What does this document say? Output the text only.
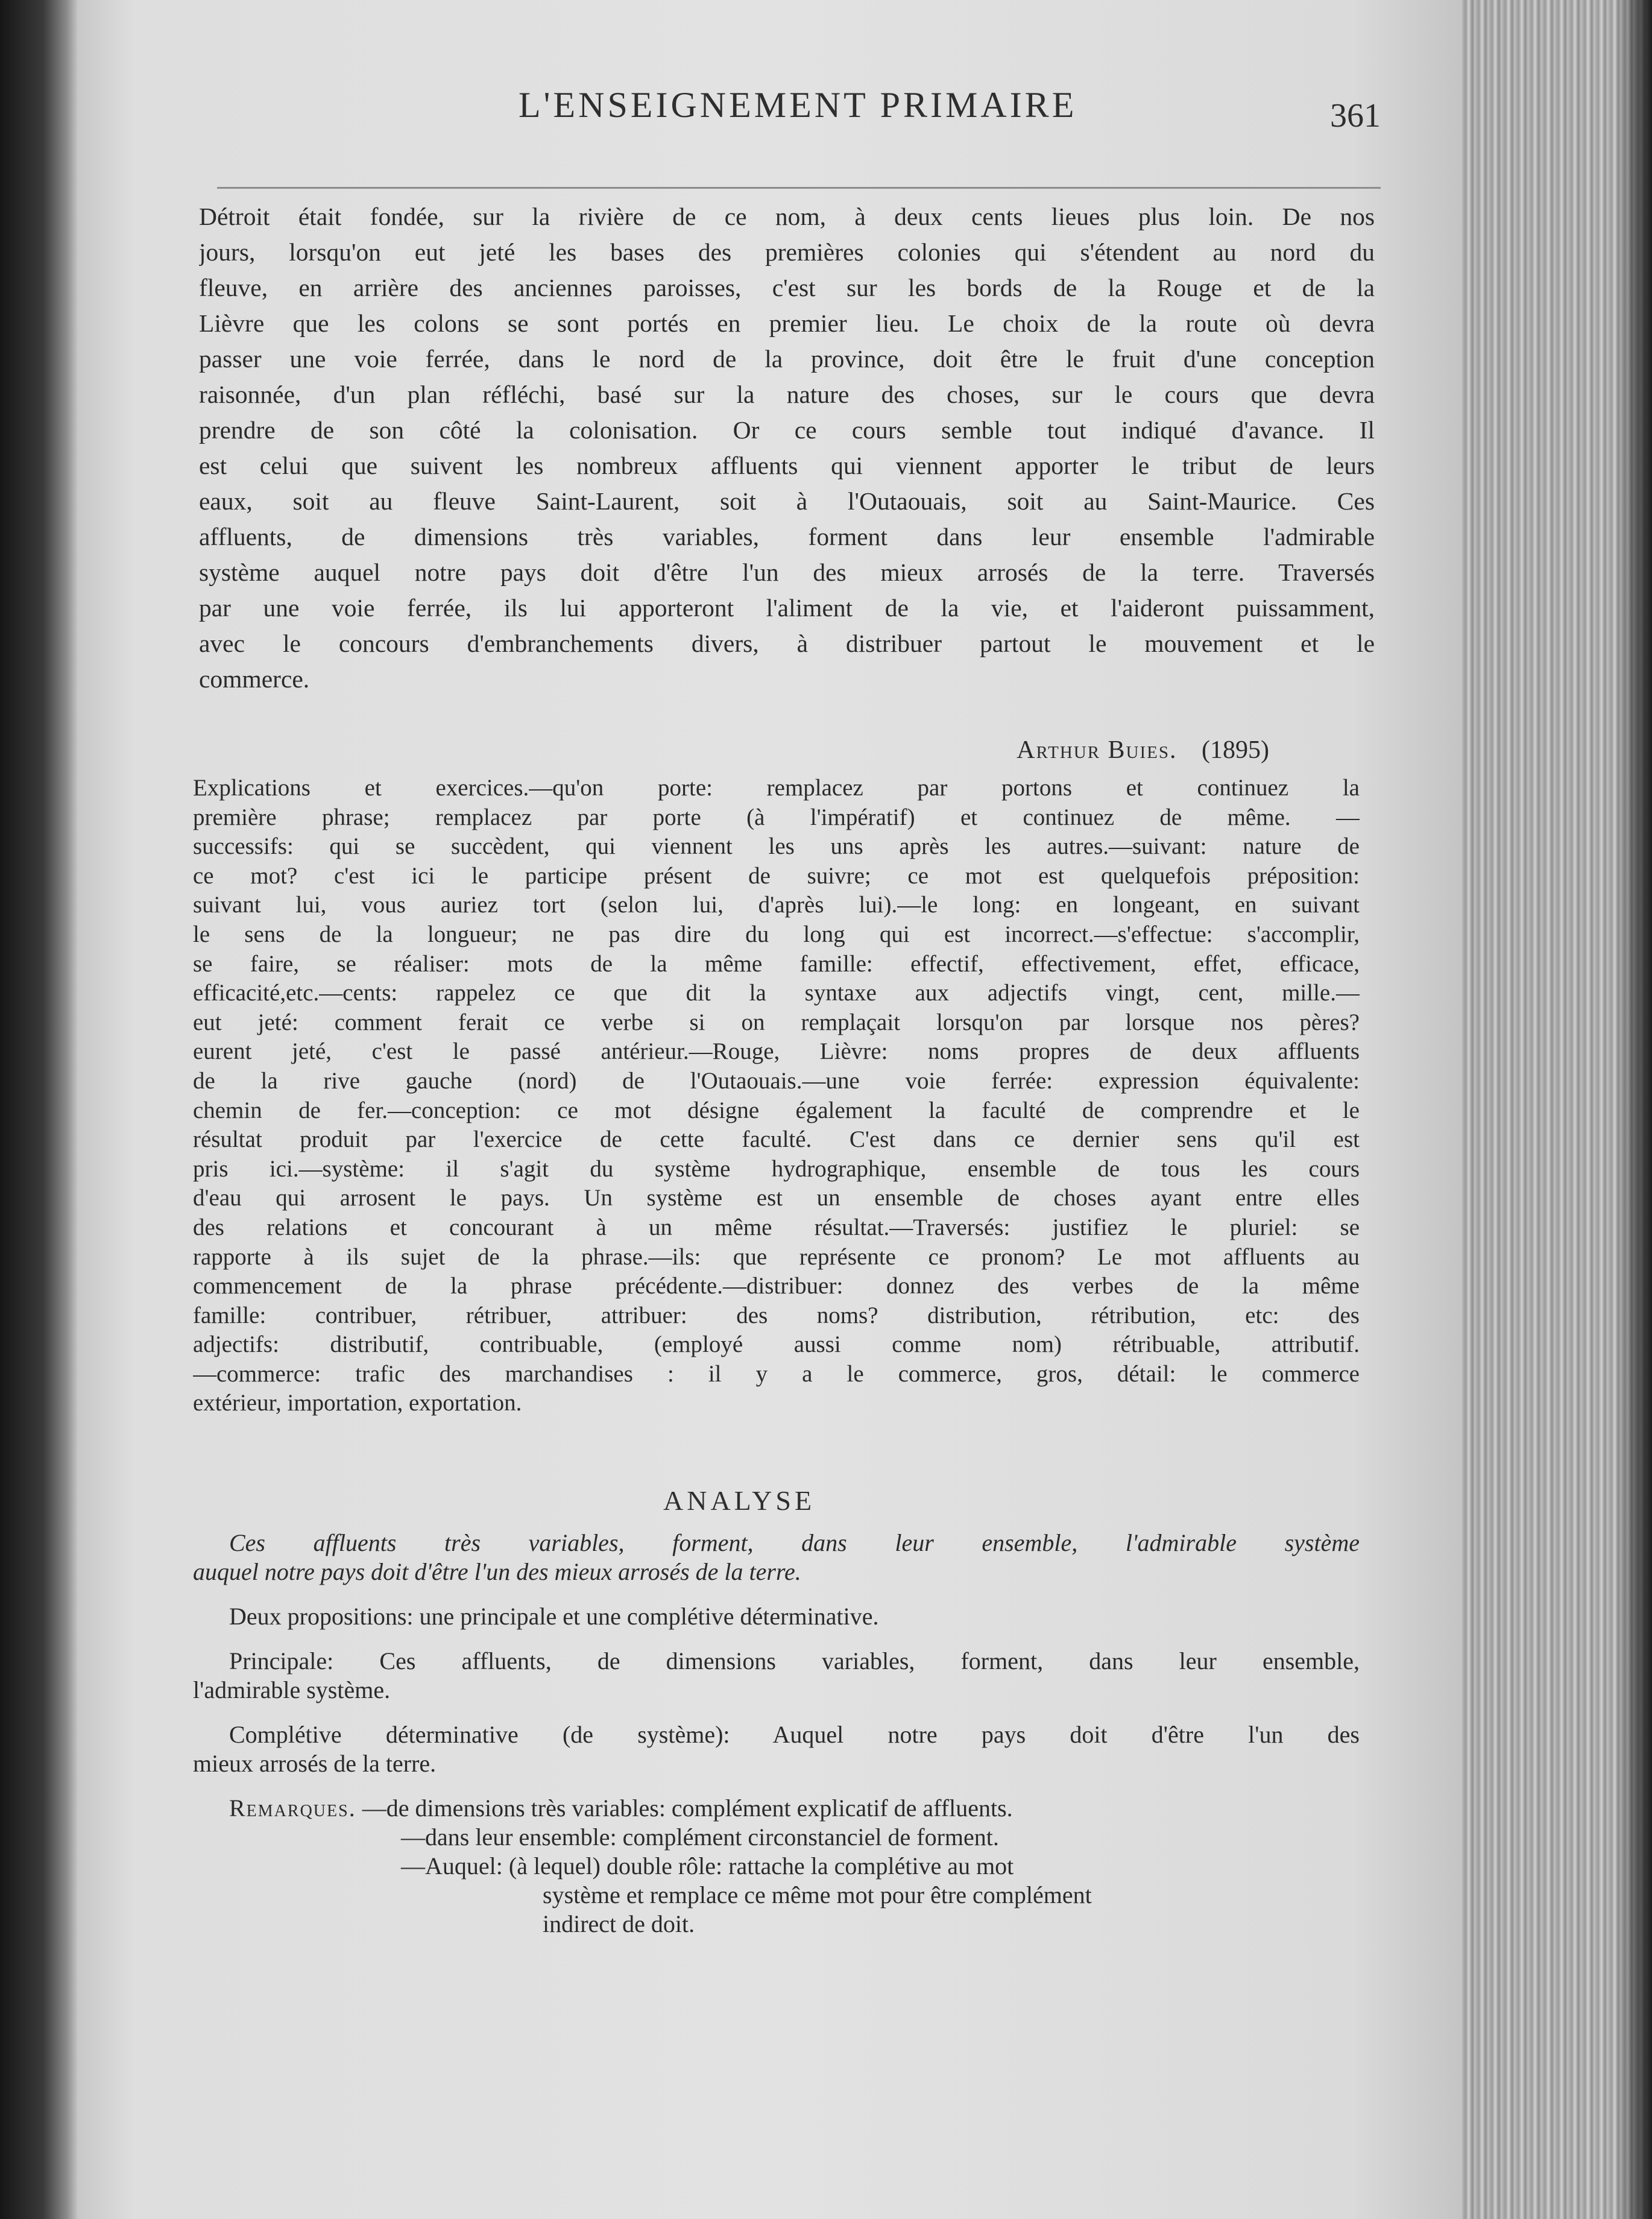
L'ENSEIGNEMENT PRIMAIRE	361
Détroit était fondée, sur la rivière de ce nom, à deux cents lieues plus loin. De nos
jours, lorsqu'on eut jeté les bases des premières colonies qui s'étendent au nord du
fleuve, en arrière des anciennes paroisses, c'est sur les bords de la Rouge et de la
Lièvre que les colons se sont portés en premier lieu. Le choix de la route où devra
passer une voie ferrée, dans le nord de la province, doit être le fruit d'une conception
raisonnée, d'un plan réfléchi, basé sur la nature des choses, sur le cours que devra
prendre de son côté la colonisation. Or ce cours semble tout indiqué d'avance. Il
est celui que suivent les nombreux affluents qui viennent apporter le tribut de leurs
eaux, soit au fleuve Saint-Laurent, soit à l'Outaouais, soit au Saint-Maurice. Ces
affluents, de dimensions très variables, forment dans leur ensemble l'admirable
système auquel notre pays doit d'être l'un des mieux arrosés de la terre. Traversés
par une voie ferrée, ils lui apporteront l'aliment de la vie, et l'aideront puissamment,
avec le concours d'embranchements divers, à distribuer partout le mouvement et le
commerce.
Arthur Buies. (1895)
Explications et exercices.—qu'on porte: remplacez par portons et continuez la
première phrase; remplacez par porte (à l'impératif) et continuez de même. —
successifs: qui se succèdent, qui viennent les uns après les autres.—suivant: nature de
ce mot? c'est ici le participe présent de suivre; ce mot est quelquefois préposition:
suivant lui, vous auriez tort (selon lui, d'après lui).—le long: en longeant, en suivant
le sens de la longueur; ne pas dire du long qui est incorrect.—s'effectue: s'accomplir,
se faire, se réaliser: mots de la même famille: effectif, effectivement, effet, efficace,
efficacité,etc.—cents: rappelez ce que dit la syntaxe aux adjectifs vingt, cent, mille.—
eut jeté: comment ferait ce verbe si on remplaçait lorsqu'on par lorsque nos pères?
eurent jeté, c'est le passé antérieur.—Rouge, Lièvre: noms propres de deux affluents
de la rive gauche (nord) de l'Outaouais.—une voie ferrée: expression équivalente:
chemin de fer.—conception: ce mot désigne également la faculté de comprendre et le
résultat produit par l'exercice de cette faculté. C'est dans ce dernier sens qu'il est
pris ici.—système: il s'agit du système hydrographique, ensemble de tous les cours
d'eau qui arrosent le pays. Un système est un ensemble de choses ayant entre elles
des relations et concourant à un même résultat.—Traversés: justifiez le pluriel: se
rapporte à ils sujet de la phrase.—ils: que représente ce pronom? Le mot affluents au
commencement de la phrase précédente.—distribuer: donnez des verbes de la même
famille: contribuer, rétribuer, attribuer: des noms? distribution, rétribution, etc: des
adjectifs: distributif, contribuable, (employé aussi comme nom) rétribuable, attributif.
—commerce: trafic des marchandises : il y a le commerce, gros, détail: le commerce
extérieur, importation, exportation.
ANALYSE
Ces affluents très variables, forment, dans leur ensemble, l'admirable système
auquel notre pays doit d'être l'un des mieux arrosés de la terre.
Deux propositions: une principale et une complétive déterminative.
Principale: Ces affluents, de dimensions variables, forment, dans leur ensemble,
l'admirable système.
Complétive déterminative (de système): Auquel notre pays doit d'être l'un des
mieux arrosés de la terre.
Remarques. —de dimensions très variables: complément explicatif de affluents.
—dans leur ensemble: complément circonstanciel de forment.
—Auquel: (à lequel) double rôle: rattache la complétive au mot
système et remplace ce même mot pour être complément
indirect de doit.
